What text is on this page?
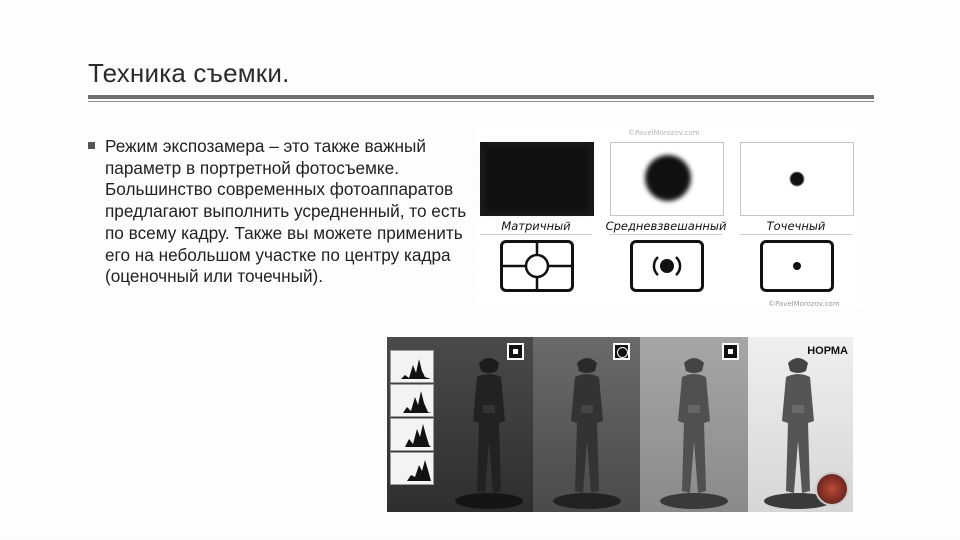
Техника съемки.
Режим экспозамера – это также важный параметр в портретной фотосъемке. Большинство современных фотоаппаратов предлагают выполнить усредненный, то есть по всему кадру. Также вы можете применить его на небольшом участке по центру кадра (оценочный или точечный).
©PavelMorozov.com
Матричный	Средневзвешанный	Точечный
©PavelMorozov.com
НОРМА
